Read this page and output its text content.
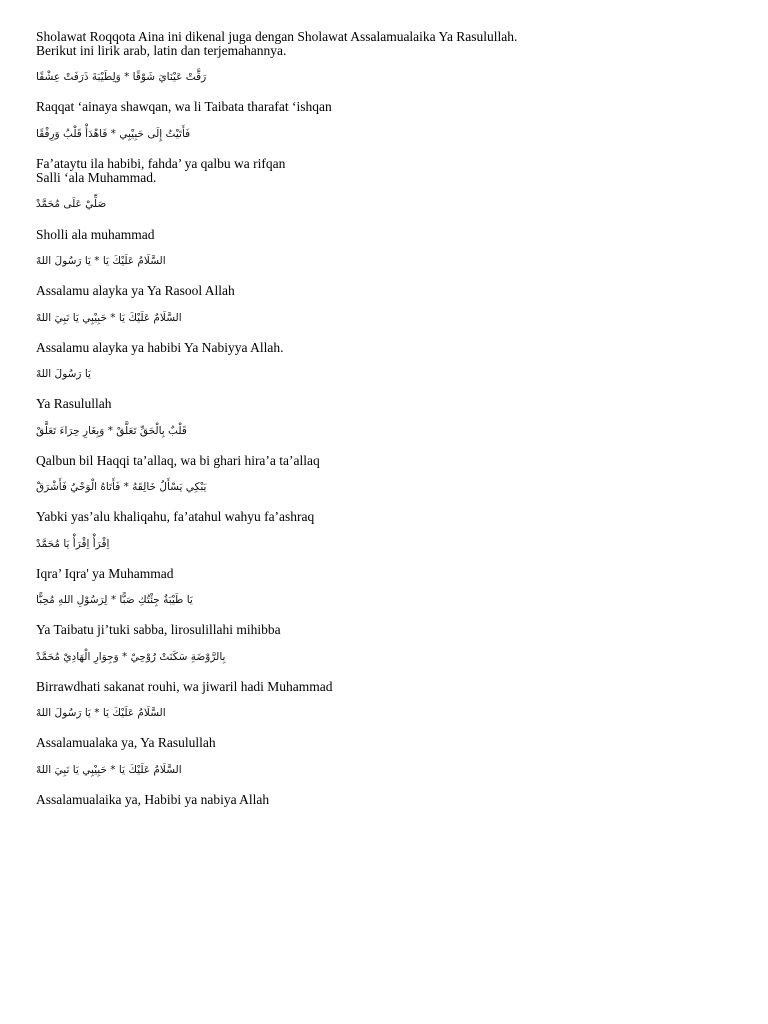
Sholawat Roqqota Aina ini dikenal juga dengan Sholawat Assalamualaika Ya Rasulullah.
Berikut ini lirik arab, latin dan terjemahannya.
رَقَّتْ عَيْنَايَ شَوْقًا * وَلِطَيْبَةَ ذَرَفَتْ عِشْقًا
Raqqat ‘ainaya shawqan, wa li Taibata tharafat ‘ishqan
فَأَتَيْتُ إِلَى حَبِيْبِي * فَاهْدَأْ قَلْبُ وَرِفْقًا
Fa’ataytu ila habibi, fahda’ ya qalbu wa rifqan
Salli ‘ala Muhammad.
صَلِّيْ عَلَى مُحَمَّدْ
Sholli ala muhammad
السَّلَامُ عَلَيْكَ يَا * يَا رَسُولَ اللهْ
Assalamu alayka ya Ya Rasool Allah
السَّلَامُ عَلَيْكَ يَا * حَبِيْبِي يَا نَبِيَ اللهْ
Assalamu alayka ya habibi Ya Nabiyya Allah.
يَا رَسُولَ اللهْ
Ya Rasulullah
قَلْبٌ بِالْحَقِّ تَعَلَّقْ * وَبِغَارِ حِرَاءَ تَعَلَّقْ
Qalbun bil Haqqi ta’allaq, wa bi ghari hira’a ta’allaq
يَبْكِي يَسْأَلُ خَالِقَهُ * فَأَتَاهُ الْوَحْيُ فَأَشْرَقْ
Yabki yas’alu khaliqahu, fa’atahul wahyu fa’ashraq
اِقْرَأْ اِقْرَأْ يَا مُحَمَّدْ
Iqra’ Iqra' ya Muhammad
يَا طَيْبَةُ جِئْتُكِ صَبًّا * لِرَسُوْلِ اللهِ مُحِبًّا
Ya Taibatu ji’tuki sabba, lirosulillahi mihibba
بِالرَّوْضَةِ سَكَنَتْ رُوْحِيْ * وَجِوَارِ الْهَادِيْ مُحَمَّدْ
Birrawdhati sakanat rouhi, wa jiwaril hadi Muhammad
السَّلَامُ عَلَيْكَ يَا * يَا رَسُولَ اللهْ
Assalamualaka ya, Ya Rasulullah
السَّلَامُ عَلَيْكَ يَا * حَبِيْبِي يَا نَبِيَ اللهْ
Assalamualaika ya, Habibi ya nabiya Allah
